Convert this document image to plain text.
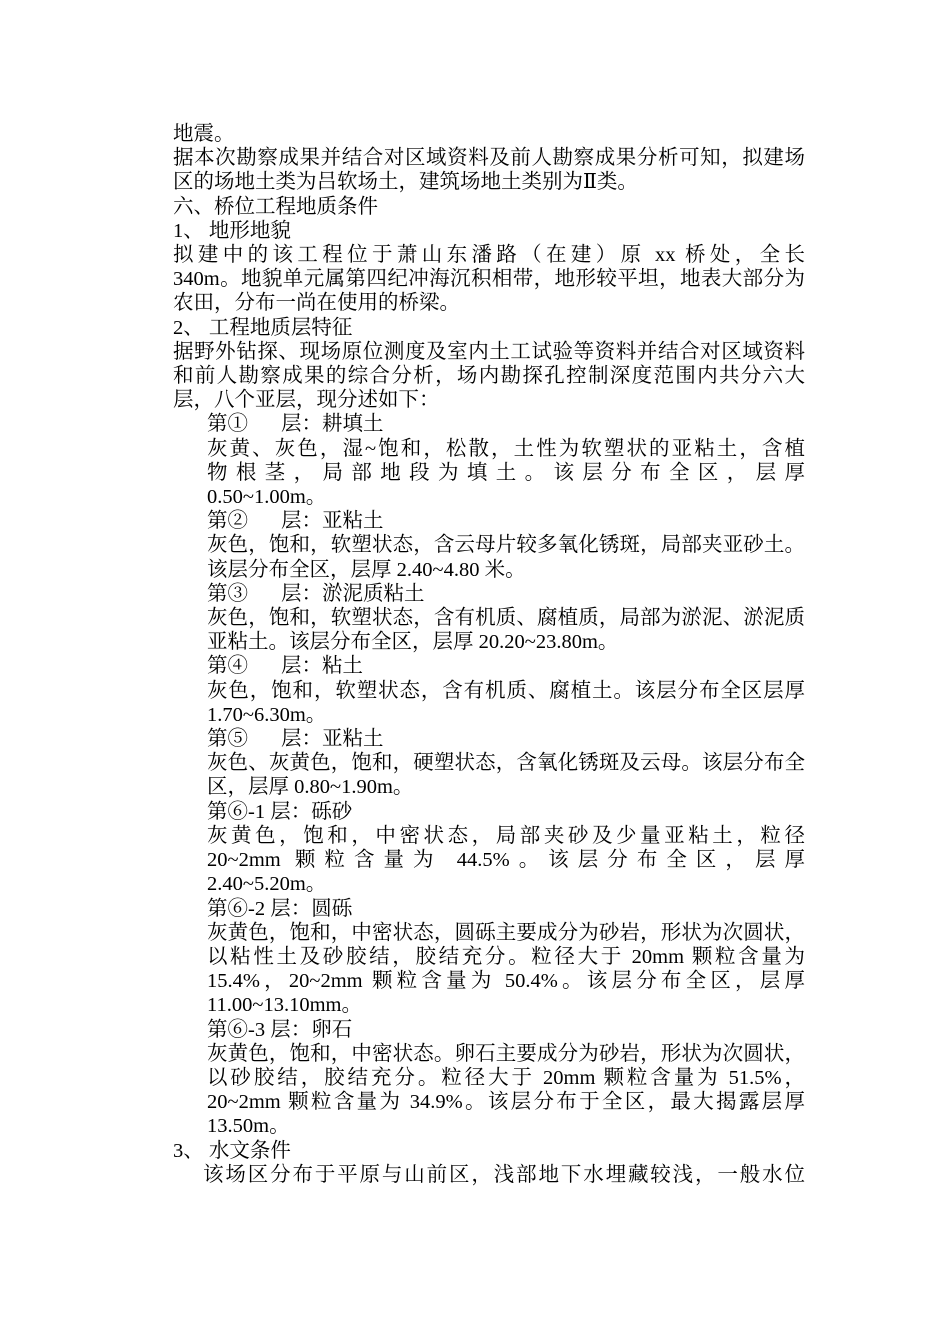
地震。

据本次勘察成果并结合对区域资料及前人勘察成果分析可知，拟建场区的场地土类为吕软场土，建筑场地土类别为Ⅱ类。

六、桥位工程地质条件

1、 地形地貌

拟建中的该工程位于萧山东潘路（在建）原 xx 桥处，全长

340m。地貌单元属第四纪冲海沉积相带，地形较平坦，地表大部分为农田，分布一尚在使用的桥梁。

2、 工程地质层特征

据野外钻探、现场原位测度及室内土工试验等资料并结合对区域资料和前人勘察成果的综合分析，场内勘探孔控制深度范围内共分六大层，八个亚层，现分述如下：

第① 层：耕填土

灰黄、灰色，湿~饱和，松散，土性为软塑状的亚粘土，含植

物根茎，局部地段为填土。该层分布全区，层厚

0.50~1.00m。

第② 层：亚粘土

灰色，饱和，软塑状态，含云母片较多氧化锈斑，局部夹亚砂土。该层分布全区，层厚 2.40~4.80 米。

第③ 层：淤泥质粘土

灰色，饱和，软塑状态，含有机质、腐植质，局部为淤泥、淤泥质亚粘土。该层分布全区，层厚 20.20~23.80m。

第④ 层：粘土

灰色，饱和，软塑状态，含有机质、腐植土。该层分布全区层厚 1.70~6.30m。

第⑤ 层：亚粘土

灰色、灰黄色，饱和，硬塑状态，含氧化锈斑及云母。该层分布全区，层厚 0.80~1.90m。

第⑥-1 层：砾砂

灰黄色，饱和，中密状态，局部夹砂及少量亚粘土，粒径

20~2mm 颗粒含量为 44.5%。该层分布全区，层厚

2.40~5.20m。

第⑥-2 层：圆砾

灰黄色，饱和，中密状态，圆砾主要成分为砂岩，形状为次圆状，以粘性土及砂胶结，胶结充分。粒径大于 20mm 颗粒含量为 15.4%，20~2mm 颗粒含量为 50.4%。该层分布全区，层厚 11.00~13.10mm。

第⑥-3 层：卵石

灰黄色，饱和，中密状态。卵石主要成分为砂岩，形状为次圆状，以砂胶结，胶结充分。粒径大于 20mm 颗粒含量为 51.5%，20~2mm 颗粒含量为 34.9%。该层分布于全区，最大揭露层厚 13.50m。

3、 水文条件

该场区分布于平原与山前区，浅部地下水埋藏较浅，一般水位
